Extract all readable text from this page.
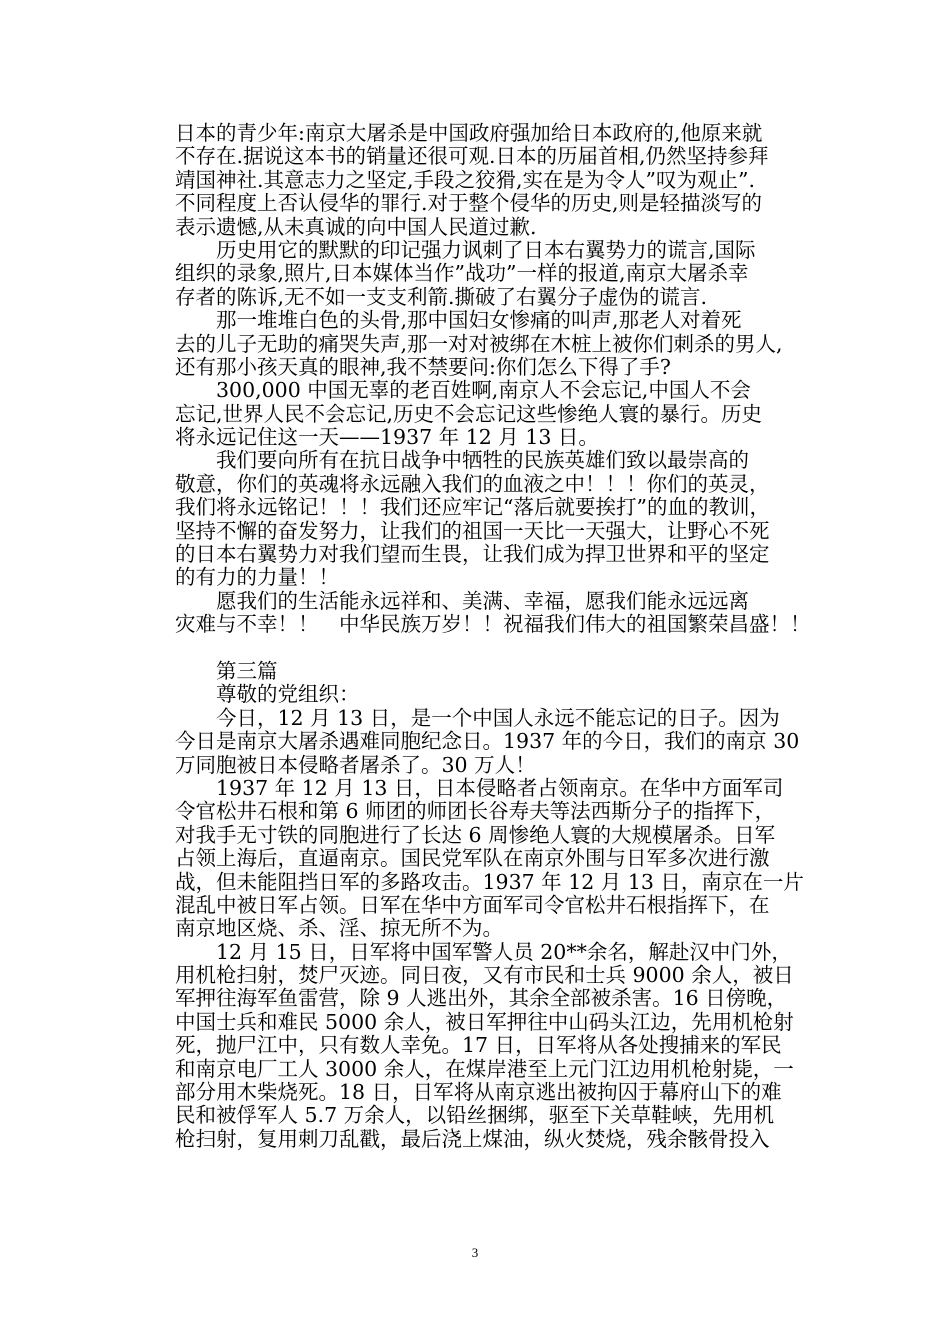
日本的青少年:南京大屠杀是中国政府强加给日本政府的,他原来就
不存在.据说这本书的销量还很可观.日本的历届首相,仍然坚持参拜
靖国神社.其意志力之坚定,手段之狡猾,实在是为令人”叹为观止”.
不同程度上否认侵华的罪行.对于整个侵华的历史,则是轻描淡写的
表示遗憾,从未真诚的向中国人民道过歉.
　　历史用它的默默的印记强力讽刺了日本右翼势力的谎言,国际
组织的录象,照片,日本媒体当作”战功”一样的报道,南京大屠杀幸
存者的陈诉,无不如一支支利箭.撕破了右翼分子虚伪的谎言.
　　那一堆堆白色的头骨,那中国妇女惨痛的叫声,那老人对着死
去的儿子无助的痛哭失声,那一对对被绑在木桩上被你们刺杀的男人,
还有那小孩天真的眼神,我不禁要问:你们怎么下得了手?
　　300,000 中国无辜的老百姓啊,南京人不会忘记,中国人不会
忘记,世界人民不会忘记,历史不会忘记这些惨绝人寰的暴行。历史
将永远记住这一天——1937 年 12 月 13 日。
　　我们要向所有在抗日战争中牺牲的民族英雄们致以最崇高的
敬意，你们的英魂将永远融入我们的血液之中！！！你们的英灵，
我们将永远铭记！！！我们还应牢记“落后就要挨打”的血的教训，
坚持不懈的奋发努力，让我们的祖国一天比一天强大，让野心不死
的日本右翼势力对我们望而生畏，让我们成为捍卫世界和平的坚定
的有力的力量！！
　　愿我们的生活能永远祥和、美满、幸福，愿我们能永远远离
灾难与不幸！！　中华民族万岁！！祝福我们伟大的祖国繁荣昌盛！！
　　第三篇
　　尊敬的党组织：
　　今日，12 月 13 日，是一个中国人永远不能忘记的日子。因为
今日是南京大屠杀遇难同胞纪念日。1937 年的今日，我们的南京 30
万同胞被日本侵略者屠杀了。30 万人！
　　1937 年 12 月 13 日，日本侵略者占领南京。在华中方面军司
令官松井石根和第 6 师团的师团长谷寿夫等法西斯分子的指挥下，
对我手无寸铁的同胞进行了长达 6 周惨绝人寰的大规模屠杀。日军
占领上海后，直逼南京。国民党军队在南京外围与日军多次进行激
战，但未能阻挡日军的多路攻击。1937 年 12 月 13 日，南京在一片
混乱中被日军占领。日军在华中方面军司令官松井石根指挥下，在
南京地区烧、杀、淫、掠无所不为。
　　12 月 15 日，日军将中国军警人员 20**余名，解赴汉中门外，
用机枪扫射，焚尸灭迹。同日夜，又有市民和士兵 9000 余人，被日
军押往海军鱼雷营，除 9 人逃出外，其余全部被杀害。16 日傍晚，
中国士兵和难民 5000 余人，被日军押往中山码头江边，先用机枪射
死，抛尸江中，只有数人幸免。17 日，日军将从各处搜捕来的军民
和南京电厂工人 3000 余人，在煤岸港至上元门江边用机枪射毙，一
部分用木柴烧死。18 日，日军将从南京逃出被拘囚于幕府山下的难
民和被俘军人 5.7 万余人，以铅丝捆绑，驱至下关草鞋峡，先用机
枪扫射，复用刺刀乱戳，最后浇上煤油，纵火焚烧，残余骸骨投入
3
